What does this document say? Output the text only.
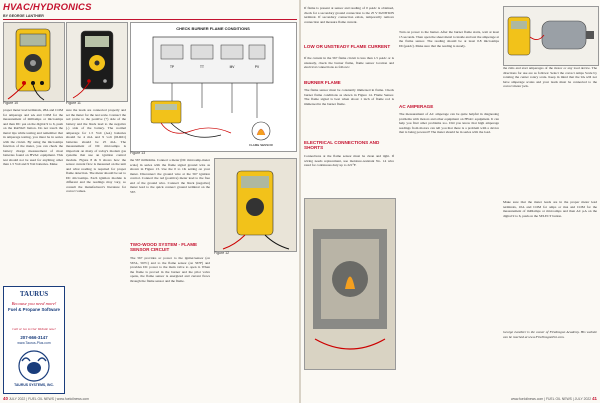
HVAC/HYDRONICS
BY GEORGE LANTHIER
Figure 10	Figure 11
CHECK BURNER FLAME CONDITIONS
TP	TT	MV	PV
FLAME SENSOR
Figure 13
proper meter lead terminals, 28A and COM for amperage and uA and COM for the measurement of milliamps or microamps and then DC µA on the digital 9 to 6, push on the RANGE button. Do not touch the metal tips while testing and remember that in amperage testing, you must be in series with the circuit. By using the microamps function of the meter, you can check the battery charge measurement of most batteries found on HVAC equipment. This test should not be used for anything other than 1.5 Volt and 9 Volt batteries. Make
sure the leads are connected properly and set the meter for the test scale. Connect the red probe to the positive (+) side of the battery and the black lead to the negative (-) side of the battery. The normal amperage for 1.5 Volt (AA) batteries should be 4 mA and 9 volt (6LR61) batteries should be 25 mA. The measurement of DC microamps is important on many of today's modern gas systems that use an ignition control module. Figure 8 & 9 shows how the sensor current flow is measured on the unit and what reading is required for proper flame detection. The meter should be set to DC microamps. Each ignition module is different and the readings may vary, so consult the manufacturer's literature for correct values.
the 567 milliohms. Connect a meter (DC microamp-meter scale) in series with the flame signal ground wire as shown in Figure 13. Use the 0 to 1K setting on your meter. Disconnect the ground wire at the 567 ignition control. Connect the red (positive) meter lead to the free end of the ground wire. Connect the black (negative) meter lead to the quick connect ground terminal on the 567.
TWO-WOOD SYSTEM - FLAME SENSOR CIRCUIT
The 567 provides ac power to the igniter/sensor (on 567A, 567C) and to the flame sensor (on 567F) and provides DC power to the main valve to open it. When the flame is proved in the burner and the pilot valve opens, the flame sensor is energized and current flows through the flame sensor and the flame.
Figure 12
TAURUS
Because you need more!
Fuel & Propane Software
Call or Go to Our Website now!
207-666-3147
www.Taurus-Plus.com
TAURUS SYSTEMS, INC.
40 JULY 2022 | FUEL OIL NEWS | www.fueloilnews.com
If flame is present at sensor and reading of 0 µAdc is obtained, check for a secondary ground connection to the 25 V IGNITION terminal. If secondary connection exists, temporarily remove connection and measure flame current.
LOW OR UNSTEADY FLAME CURRENT
If the current in the 567 flame circuit is less than 1.5 µAdc or is unsteady, check the burner flame, flame sensor location and electrical connections as follows:
BURNER FLAME
The flame sensor must be constantly immersed in flame. Check burner flame conditions as shown in Figure 14. Flame Sensor. The flame signal is best when about 1 inch of flame rod is immersed in the burner flame.
ELECTRICAL CONNECTIONS AND SHORTS
Connections at the flame sensor must be clean and tight. If wiring needs replacement, use moisture-resistant No. 14 wire rated for continuous duty up to 221°F.
Turn on power to the burner. After the burner flame starts, wait at least 15 seconds. Then open the sheet metal to inside and test the amperage at the flame sensor. The reading should be at least 0.8 microamps DC(µAdc). Make sure that the reading is steady.
AC AMPERAGE
The measurement of AC amperage can be quite helpful in diagnosing problems with motors and other equipment on HVAC equipment. It can help you find other problems too. Did you know that high amperage readings from motors can tell you that there is a problem with a device that is being powered? The meter should be in series with the load.
the rims and start amperages of the motor or any load device. The directions for use are as follows: Select the correct Amps Scale by rotating the center rotary scale. Keep in mind that the 9A will not have amperage scales and your leads must be connected to the correct meter jack.
Make sure that the meter leads are in the proper meter lead terminals, 10A and COM for amps or mA and COM for the measurement of milliamps or microamps and then AC µA on the digital 9 to 6, push on the SELECT button.
George Lanthier is the owner of Firedragon Academy. His website can be reached at www.FireDragonEnt.com.
www.fueloilnews.com | FUEL OIL NEWS | JULY 2022 41
